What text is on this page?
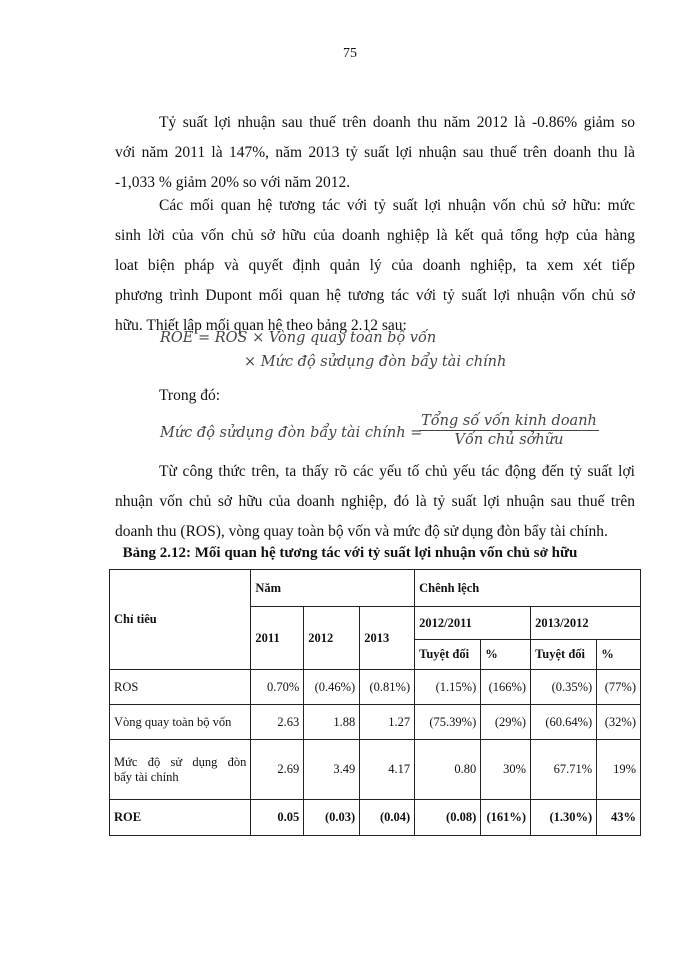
75
Tỷ suất lợi nhuận sau thuế trên doanh thu năm 2012 là -0.86% giảm so
với năm 2011 là 147%, năm 2013 tỷ suất lợi nhuận sau thuế trên doanh thu là
-1,033 % giảm 20% so với năm 2012.
Các mối quan hệ tương tác với tỷ suất lợi nhuận vốn chủ sở hữu: mức
sinh lời của vốn chủ sở hữu của doanh nghiệp là kết quả tổng hợp của hàng
loat biện pháp và quyết định quản lý của doanh nghiệp, ta xem xét tiếp
phương trình Dupont mối quan hệ tương tác với tỷ suất lợi nhuận vốn chủ sở
hữu. Thiết lập mối quan hệ theo bảng 2.12 sau:
ROE = ROS × Vòng quay toàn bộ vốn
× Mức độ sửdụng đòn bẩy tài chính
Trong đó:
Mức độ sửdụng đòn bẩy tài chính =
Tổng số vốn kinh doanh
Vốn chủ sởhữu
Từ công thức trên, ta thấy rõ các yếu tố chủ yếu tác động đến tỷ suất lợi
nhuận vốn chủ sở hữu của doanh nghiệp, đó là tỷ suất lợi nhuận sau thuế trên
doanh thu (ROS), vòng quay toàn bộ vốn và mức độ sử dụng đòn bẩy tài chính.
Bảng 2.12: Mối quan hệ tương tác với tỷ suất lợi nhuận vốn chủ sở hữu
Chỉ tiêu	Năm			Chênh lệch			
	2011	2012	2013	2012/2011		2013/2012	
				Tuyệt đối	%	Tuyệt đối	%
ROS	0.70%	(0.46%)	(0.81%)	(1.15%)	(166%)	(0.35%)	(77%)
Vòng quay toàn bộ vốn	2.63	1.88	1.27	(75.39%)	(29%)	(60.64%)	(32%)

Mức độ sử dụng đòn
bẩy tài chính	2.69	3.49	4.17	0.80	30%	67.71%	19%
ROE	0.05	(0.03)	(0.04)	(0.08)	(161%)	(1.30%)	43%
